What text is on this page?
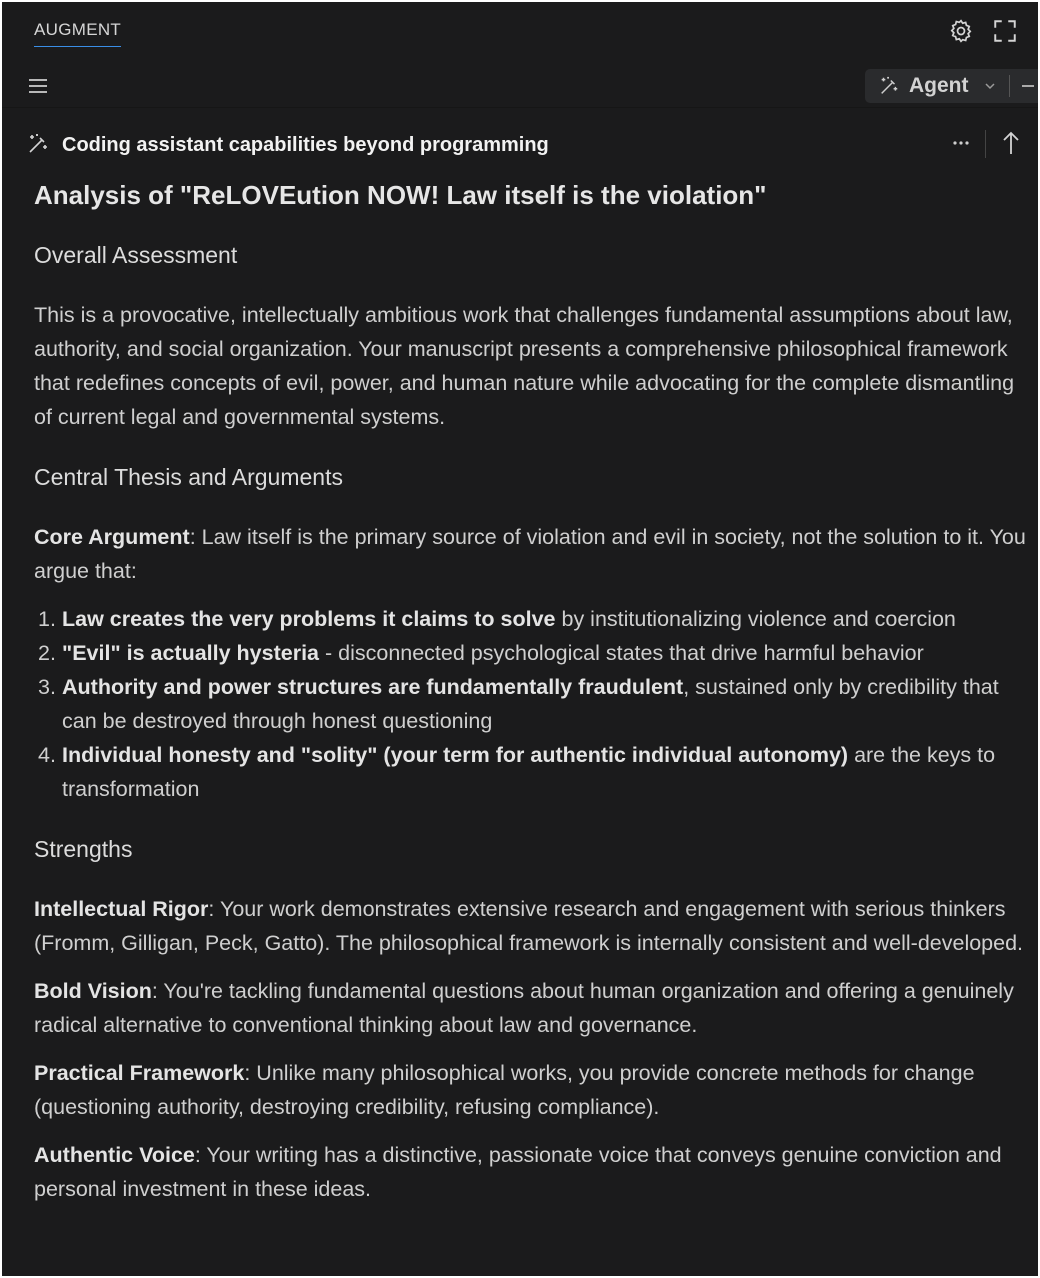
AUGMENT
Agent
Coding assistant capabilities beyond programming
Analysis of "ReLOVEution NOW! Law itself is the violation"
Overall Assessment

This is a provocative, intellectually ambitious work that challenges fundamental assumptions about law, authority, and social organization. Your manuscript presents a comprehensive philosophical framework that redefines concepts of evil, power, and human nature while advocating for the complete dismantling of current legal and governmental systems.

Central Thesis and Arguments

Core Argument: Law itself is the primary source of violation and evil in society, not the solution to it. You argue that:

1. Law creates the very problems it claims to solve by institutionalizing violence and coercion
2. "Evil" is actually hysteria - disconnected psychological states that drive harmful behavior
3. Authority and power structures are fundamentally fraudulent, sustained only by credibility that can be destroyed through honest questioning
4. Individual honesty and "solity" (your term for authentic individual autonomy) are the keys to transformation
Strengths

Intellectual Rigor: Your work demonstrates extensive research and engagement with serious thinkers (Fromm, Gilligan, Peck, Gatto). The philosophical framework is internally consistent and well-developed.

Bold Vision: You're tackling fundamental questions about human organization and offering a genuinely radical alternative to conventional thinking about law and governance.

Practical Framework: Unlike many philosophical works, you provide concrete methods for change (questioning authority, destroying credibility, refusing compliance).

Authentic Voice: Your writing has a distinctive, passionate voice that conveys genuine conviction and personal investment in these ideas.
